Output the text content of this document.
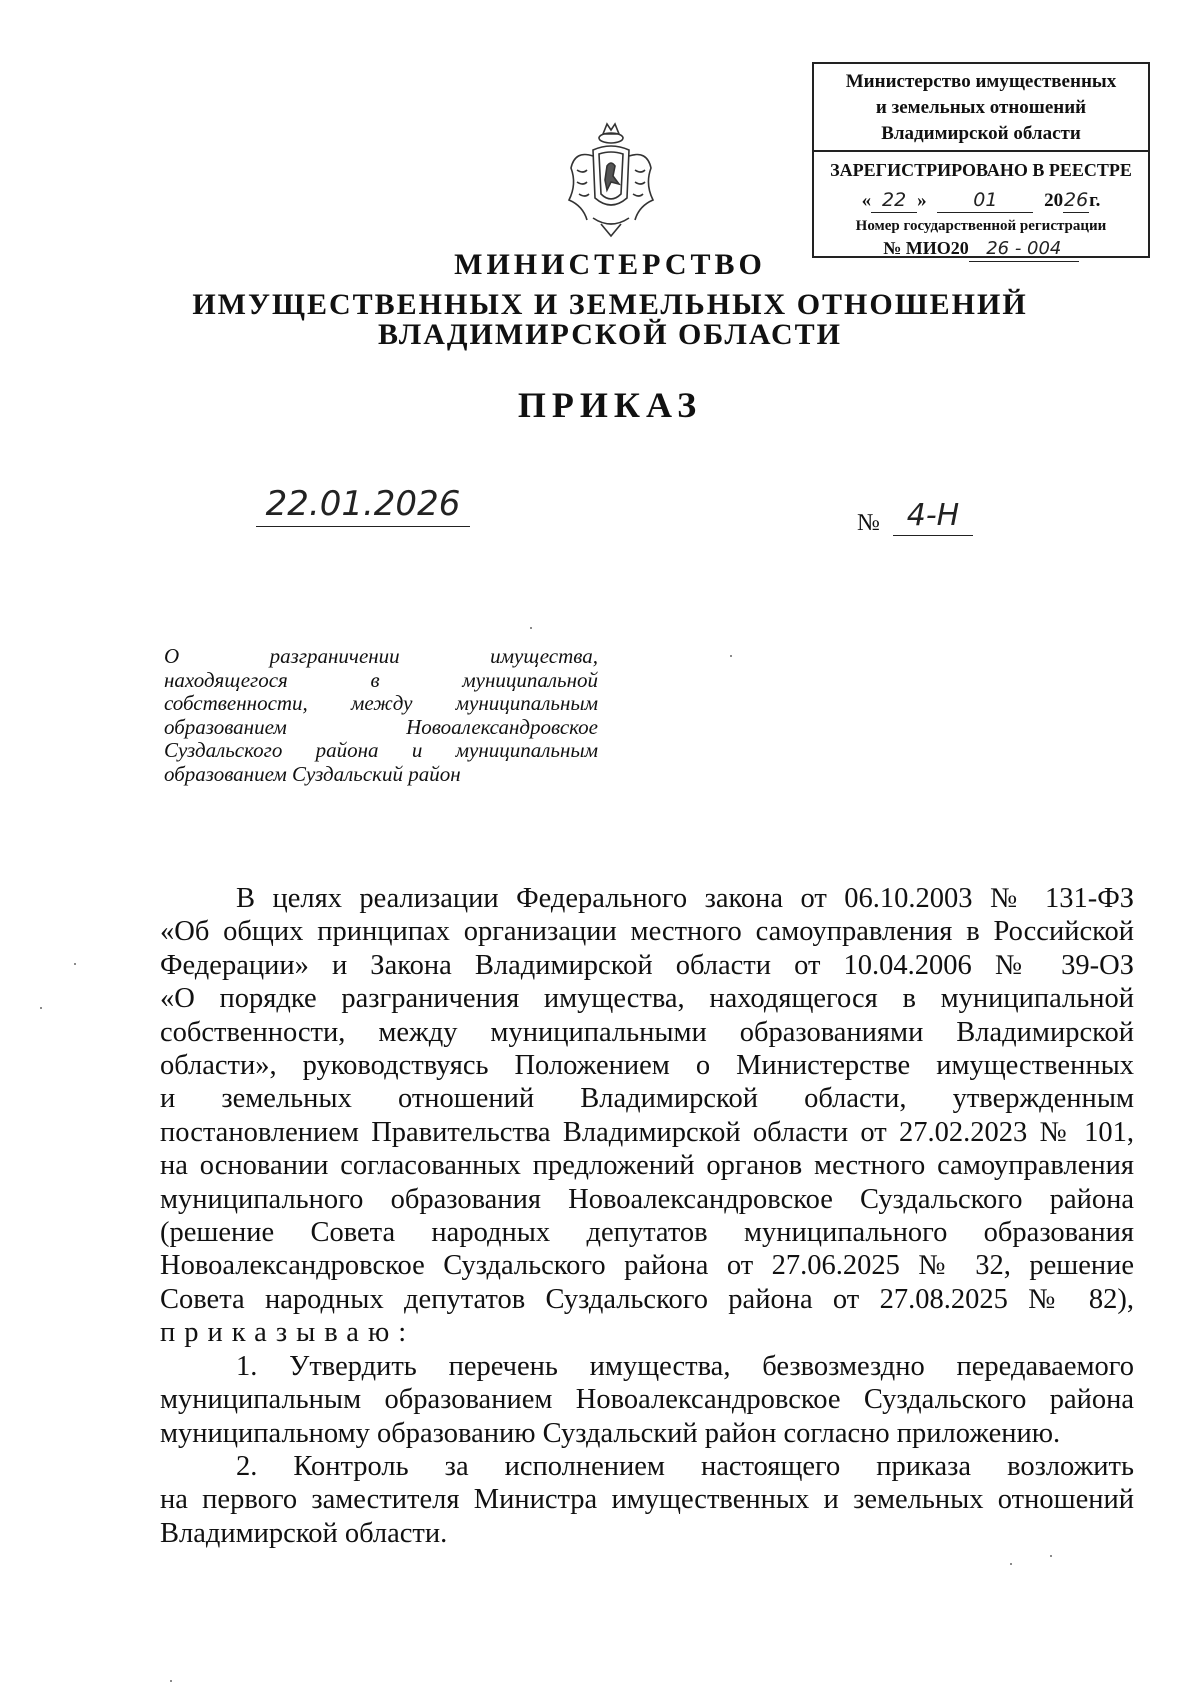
Министерство имущественных
и земельных отношений
Владимирской области
ЗАРЕГИСТРИРОВАНО В РЕЕСТРЕ
« 22 » 01 2026г.
Номер государственной регистрации
№ МИО20 26 - 004
МИНИСТЕРСТВО
ИМУЩЕСТВЕННЫХ И ЗЕМЕЛЬНЫХ ОТНОШЕНИЙ
ВЛАДИМИРСКОЙ ОБЛАСТИ
ПРИКАЗ
22.01.2026	№ 4-Н
О разграничении имущества,
находящегося в муниципальной
собственности, между муниципальным
образованием Новоалександровское
Суздальского района и муниципальным
образованием Суздальский район
В целях реализации Федерального закона от 06.10.2003 № 131-ФЗ
«Об общих принципах организации местного самоуправления в Российской
Федерации» и Закона Владимирской области от 10.04.2006 № 39-ОЗ
«О порядке разграничения имущества, находящегося в муниципальной
собственности, между муниципальными образованиями Владимирской
области», руководствуясь Положением о Министерстве имущественных
и земельных отношений Владимирской области, утвержденным
постановлением Правительства Владимирской области от 27.02.2023 № 101,
на основании согласованных предложений органов местного самоуправления
муниципального образования Новоалександровское Суздальского района
(решение Совета народных депутатов муниципального образования
Новоалександровское Суздальского района от 27.06.2025 № 32, решение
Совета народных депутатов Суздальского района от 27.08.2025 № 82),
приказываю:
1. Утвердить перечень имущества, безвозмездно передаваемого
муниципальным образованием Новоалександровское Суздальского района
муниципальному образованию Суздальский район согласно приложению.
2. Контроль за исполнением настоящего приказа возложить
на первого заместителя Министра имущественных и земельных отношений
Владимирской области.
